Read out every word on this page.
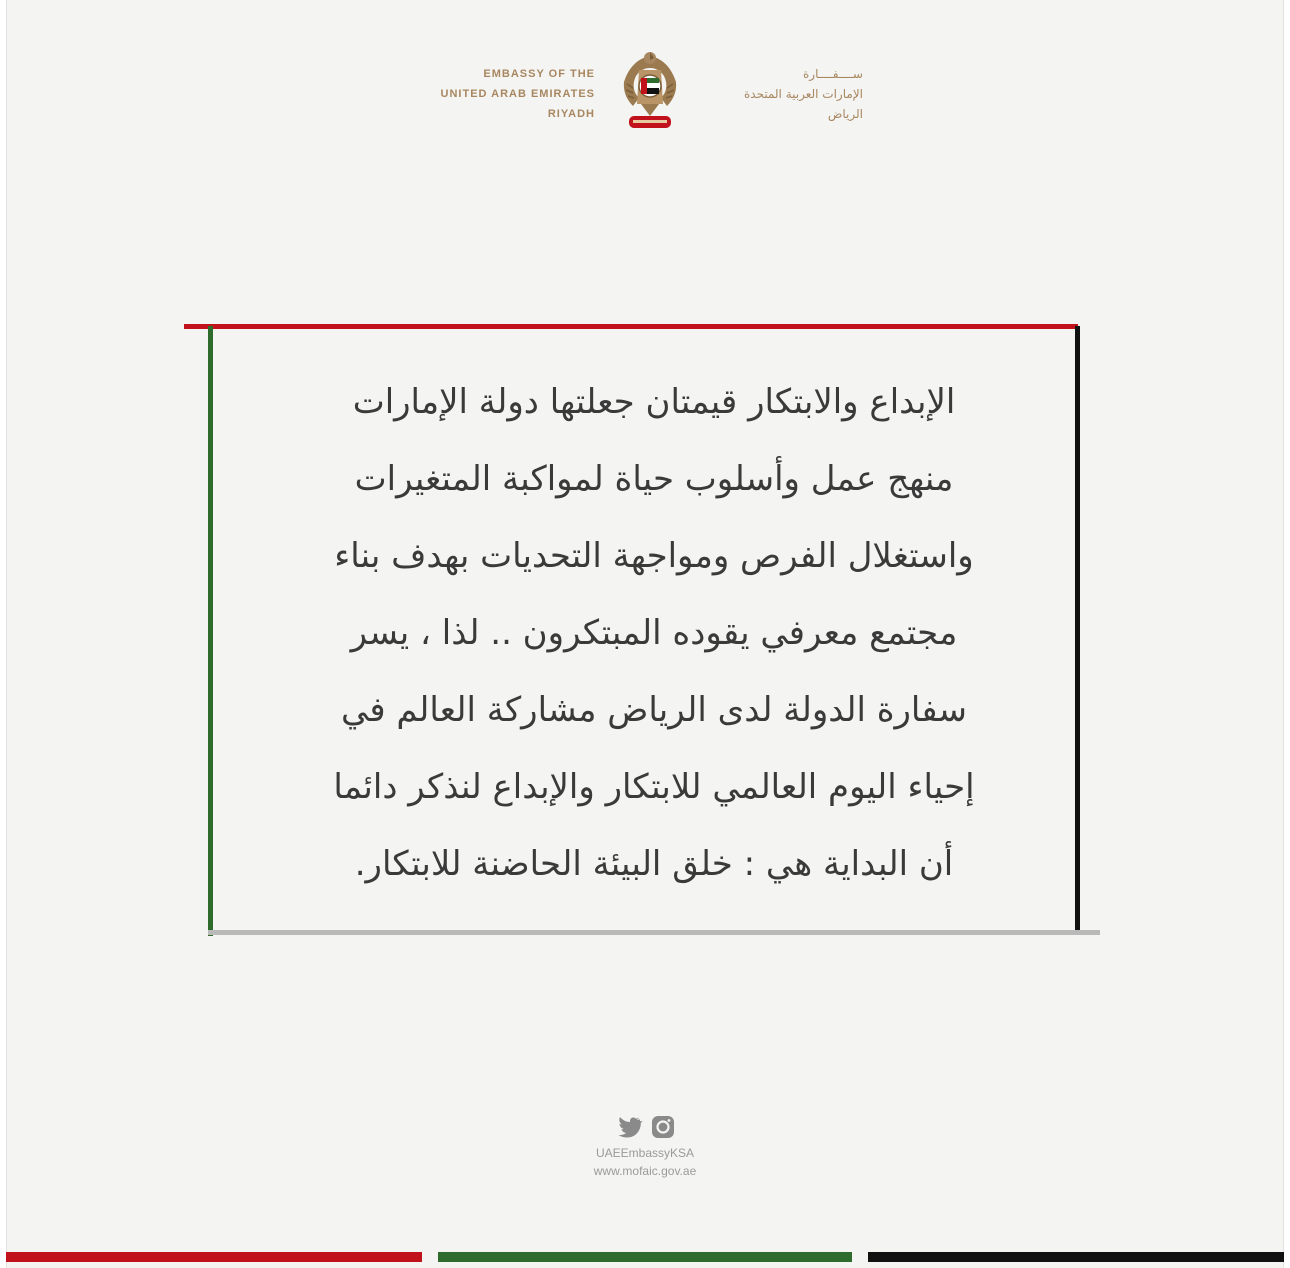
EMBASSY OF THE
UNITED ARAB EMIRATES
RIYADH
ســــفــــارة
الإمارات العربية المتحدة
الرياض
الإبداع والابتكار قيمتان جعلتها دولة الإمارات
منهج عمل وأسلوب حياة لمواكبة المتغيرات
واستغلال الفرص ومواجهة التحديات بهدف بناء
مجتمع معرفي يقوده المبتكرون .. لذا ، يسر
سفارة الدولة لدى الرياض مشاركة العالم في
إحياء اليوم العالمي للابتكار والإبداع لنذكر دائما
أن البداية هي : خلق البيئة الحاضنة للابتكار.
UAEEmbassyKSA
www.mofaic.gov.ae
